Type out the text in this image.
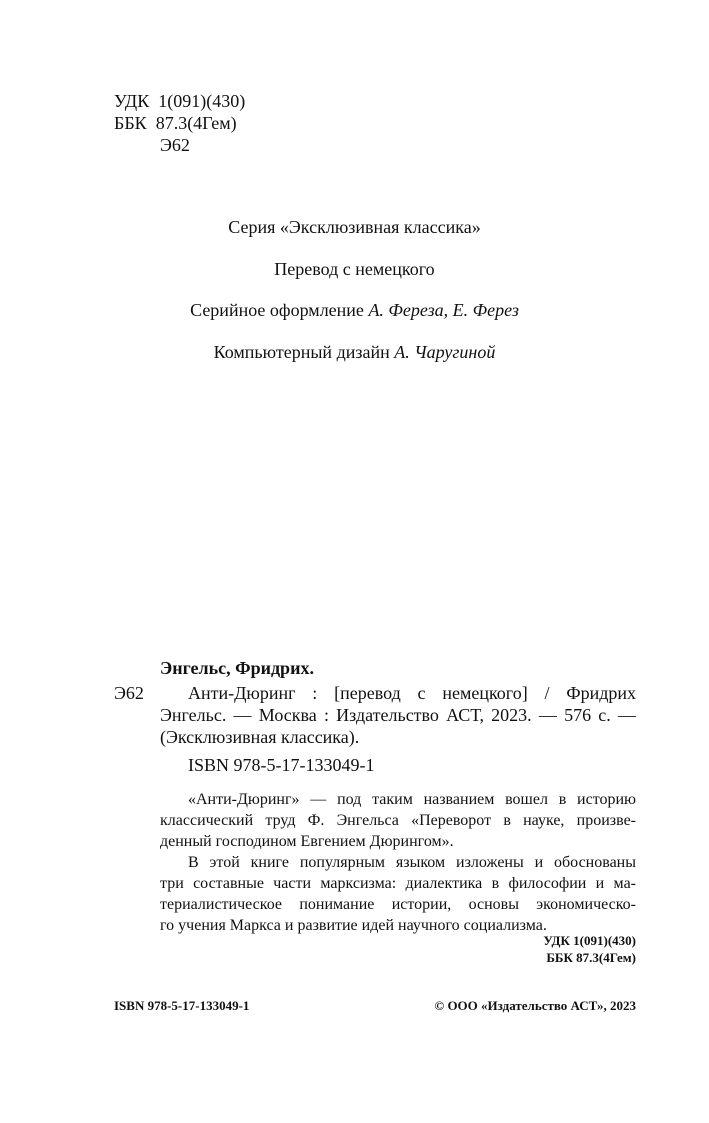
УДК 1(091)(430)
ББК 87.3(4Гем)
Э62
Серия «Эксклюзивная классика»
Перевод с немецкого
Серийное оформление А. Фереза, Е. Ферез
Компьютерный дизайн А. Чаругиной
Энгельс, Фридрих.
Э62 Анти-Дюринг : [перевод с немецкого] / Фридрих
Энгельс. — Москва : Издательство АСТ, 2023. — 576 с. —
(Эксклюзивная классика).
ISBN 978-5-17-133049-1
«Анти-Дюринг» — под таким названием вошел в историю
классический труд Ф. Энгельса «Переворот в науке, произве-
денный господином Евгением Дюрингом».
В этой книге популярным языком изложены и обоснованы
три составные части марксизма: диалектика в философии и ма-
териалистическое понимание истории, основы экономическо-
го учения Маркса и развитие идей научного социализма.
УДК 1(091)(430)
ББК 87.3(4Гем)
ISBN 978-5-17-133049-1	© ООО «Издательство АСТ», 2023
